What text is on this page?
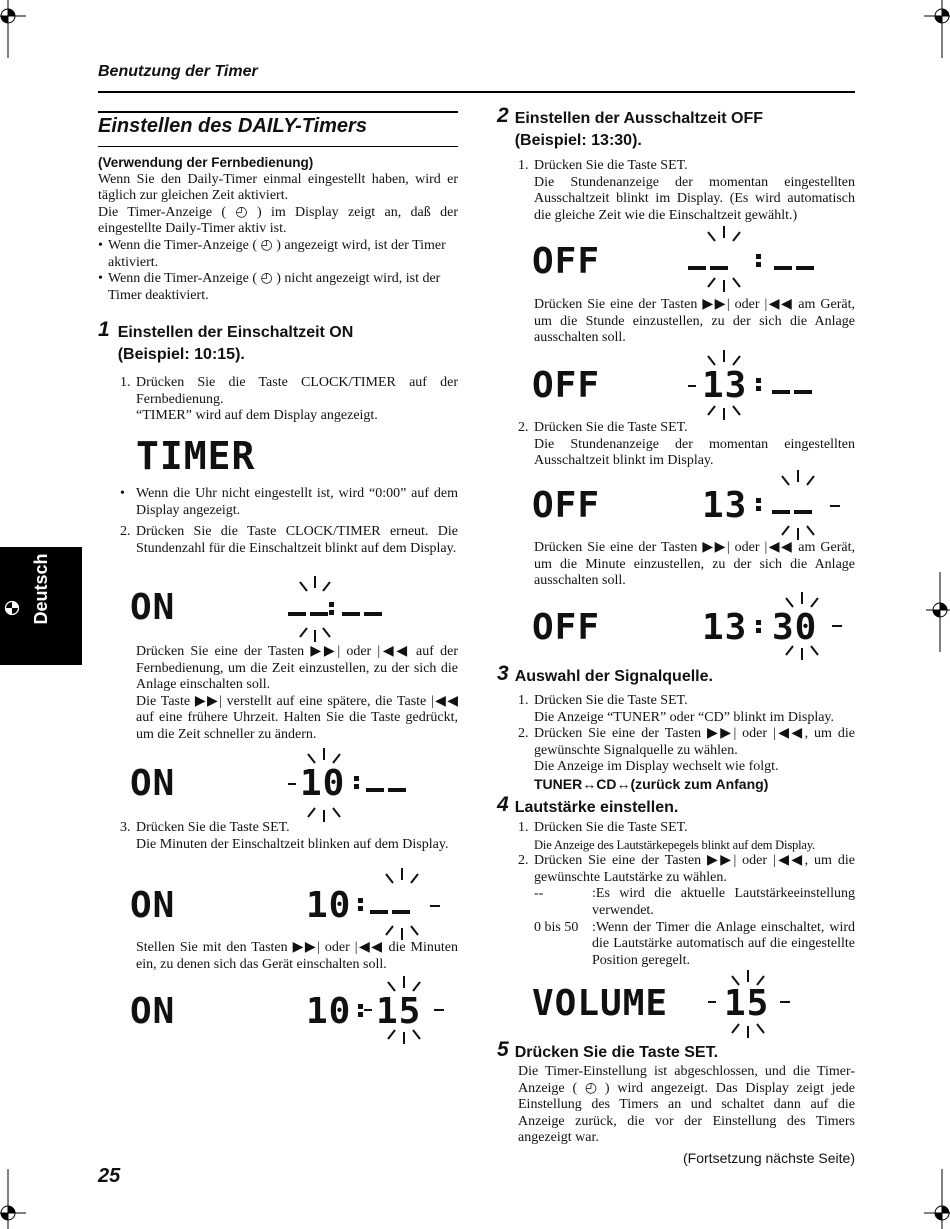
Benutzung der Timer
Deutsch
Einstellen des DAILY-Timers

(Verwendung der Fernbedienung)

Wenn Sie den Daily-Timer einmal eingestellt haben, wird er täglich zur gleichen Zeit aktiviert.

Die Timer-Anzeige ( ◴ ) im Display zeigt an, daß der eingestellte Daily-Timer aktiv ist.

• Wenn die Timer-Anzeige ( ◴ ) angezeigt wird, ist der Timer aktiviert.
• Wenn die Timer-Anzeige ( ◴ ) nicht angezeigt wird, ist der Timer deaktiviert.
1 Einstellen der Einschaltzeit ON
(Beispiel: 10:15).
1. Drücken Sie die Taste CLOCK/TIMER auf der Fernbedienung.

“TIMER” wird auf dem Display angezeigt.

TIMER
• Wenn die Uhr nicht eingestellt ist, wird “0:00” auf dem Display angezeigt.

2. Drücken Sie die Taste CLOCK/TIMER erneut. Die Stundenzahl für die Einschaltzeit blinkt auf dem Display.

ON

Drücken Sie eine der Tasten ▶▶| oder |◀◀ auf der Fernbedienung, um die Zeit einzustellen, zu der sich die Anlage einschalten soll.

Die Taste ▶▶| verstellt auf eine spätere, die Taste |◀◀ auf eine frühere Uhrzeit. Halten Sie die Taste gedrückt, um die Zeit schneller zu ändern.

ON	10
3. Drücken Sie die Taste SET.

Die Minuten der Einschaltzeit blinken auf dem Display.

ON	10

Stellen Sie mit den Tasten ▶▶| oder |◀◀ die Minuten ein, zu denen sich das Gerät einschalten soll.

ON	10 15
2 Einstellen der Ausschaltzeit OFF
(Beispiel: 13:30).
1. Drücken Sie die Taste SET.

Die Stundenanzeige der momentan eingestellten Ausschaltzeit blinkt im Display. (Es wird automatisch die gleiche Zeit wie die Einschaltzeit gewählt.)

OFF

Drücken Sie eine der Tasten ▶▶| oder |◀◀ am Gerät, um die Stunde einzustellen, zu der sich die Anlage ausschalten soll.

OFF	13
2. Drücken Sie die Taste SET.

Die Stundenanzeige der momentan eingestellten Ausschaltzeit blinkt im Display.

OFF	13

Drücken Sie eine der Tasten ▶▶| oder |◀◀ am Gerät, um die Minute einzustellen, zu der sich die Anlage ausschalten soll.

OFF	13 30
3 Auswahl der Signalquelle.
1. Drücken Sie die Taste SET.

Die Anzeige “TUNER” oder “CD” blinkt im Display.

2. Drücken Sie eine der Tasten ▶▶| oder |◀◀, um die gewünschte Signalquelle zu wählen.

Die Anzeige im Display wechselt wie folgt.

TUNER↔CD↔(zurück zum Anfang)

4 Lautstärke einstellen.
1. Drücken Sie die Taste SET.

Die Anzeige des Lautstärkepegels blinkt auf dem Display.

2. Drücken Sie eine der Tasten ▶▶| oder |◀◀, um die gewünschte Lautstärke zu wählen.

--	:Es wird die aktuelle Lautstärkeeinstellung verwendet.
0 bis 50 :Wenn der Timer die Anlage einschaltet, wird die Lautstärke automatisch auf die eingestellte Position geregelt.
VOLUME 15
5 Drücken Sie die Taste SET.

Die Timer-Einstellung ist abgeschlossen, und die Timer-Anzeige ( ◴ ) wird angezeigt. Das Display zeigt jede Einstellung des Timers an und schaltet dann auf die Anzeige zurück, die vor der Einstellung des Timers angezeigt war.

(Fortsetzung nächste Seite)
25
